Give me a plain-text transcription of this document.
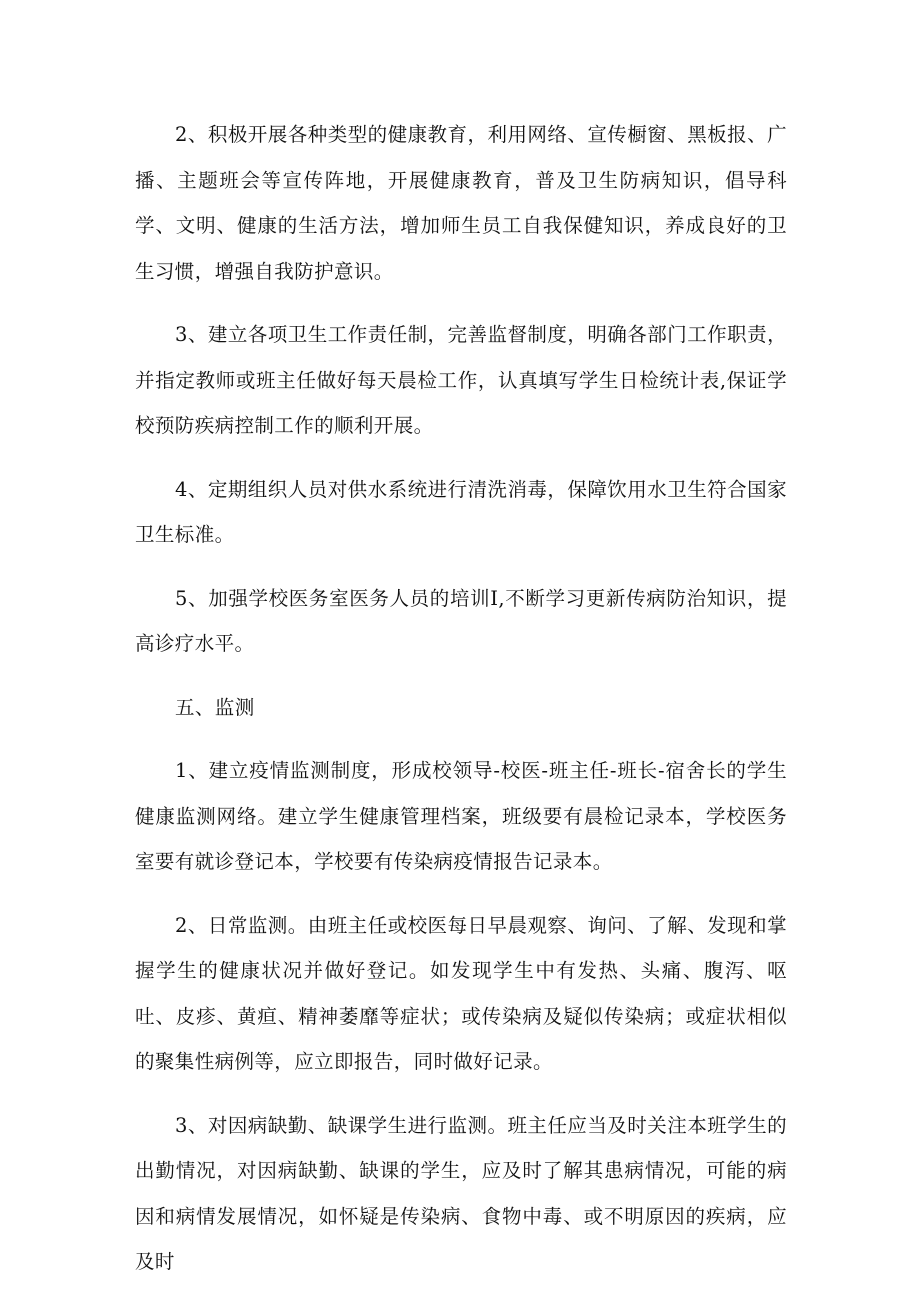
2、积极开展各种类型的健康教育，利用网络、宣传橱窗、黑板报、广播、主题班会等宣传阵地，开展健康教育，普及卫生防病知识，倡导科学、文明、健康的生活方法，增加师生员工自我保健知识，养成良好的卫生习惯，增强自我防护意识。

3、建立各项卫生工作责任制，完善监督制度，明确各部门工作职责，并指定教师或班主任做好每天晨检工作，认真填写学生日检统计表,保证学校预防疾病控制工作的顺利开展。

4、定期组织人员对供水系统进行清洗消毒，保障饮用水卫生符合国家卫生标准。

5、加强学校医务室医务人员的培训I,不断学习更新传病防治知识，提高诊疗水平。

五、监测

1、建立疫情监测制度，形成校领导-校医-班主任-班长-宿舍长的学生健康监测网络。建立学生健康管理档案，班级要有晨检记录本，学校医务室要有就诊登记本，学校要有传染病疫情报告记录本。

2、日常监测。由班主任或校医每日早晨观察、询问、了解、发现和掌握学生的健康状况并做好登记。如发现学生中有发热、头痛、腹泻、呕吐、皮疹、黄疸、精神萎靡等症状；或传染病及疑似传染病；或症状相似的聚集性病例等，应立即报告，同时做好记录。

3、对因病缺勤、缺课学生进行监测。班主任应当及时关注本班学生的出勤情况，对因病缺勤、缺课的学生，应及时了解其患病情况，可能的病因和病情发展情况，如怀疑是传染病、食物中毒、或不明原因的疾病，应及时
